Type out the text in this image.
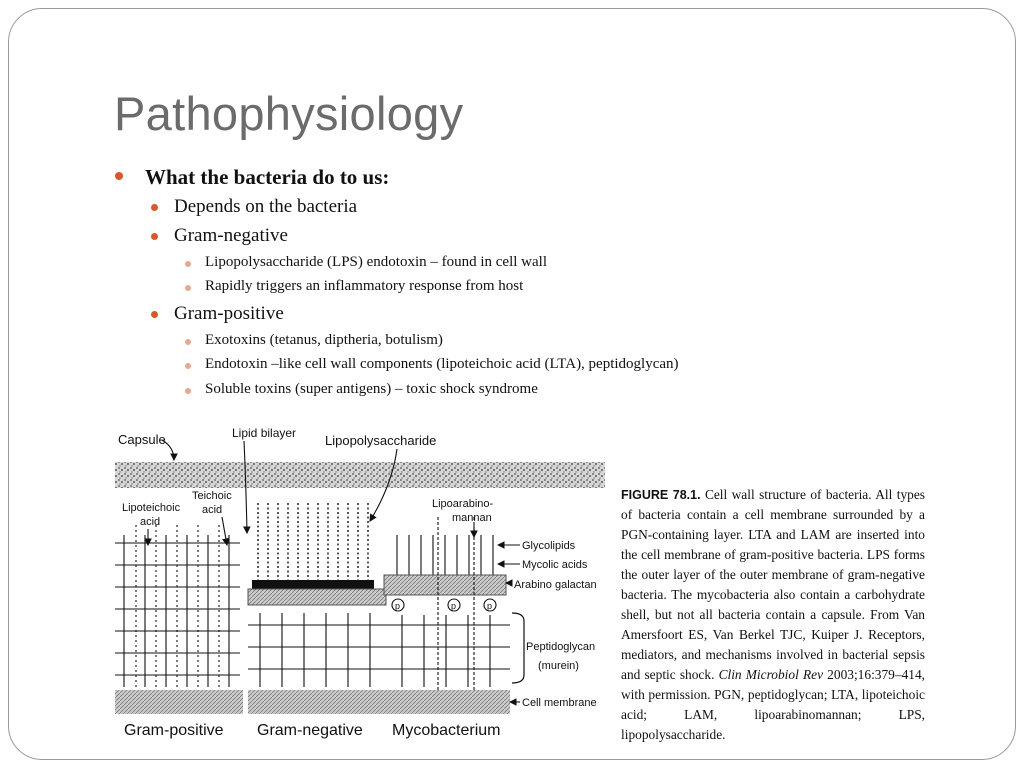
Pathophysiology
What the bacteria do to us:
Depends on the bacteria
Gram-negative
Lipopolysaccharide (LPS) endotoxin – found in cell wall
Rapidly triggers an inflammatory response from host
Gram-positive
Exotoxins (tetanus, diptheria, botulism)
Endotoxin –like cell wall components (lipoteichoic acid (LTA), peptidoglycan)
Soluble toxins (super antigens) – toxic shock syndrome
p	p	p
Capsule	Lipid bilayer Lipopolysaccharide
Lipoteichoic
acid
Teichoic
acid	Lipoarabino-
mannan
Glycolipids
Mycolic acids
Arabino galactan
Peptidoglycan
(murein)
Cell membrane
Gram-positive Gram-negative Mycobacterium
FIGURE 78.1. Cell wall structure of bacteria. All types of bacteria contain a cell membrane surrounded by a PGN-containing layer. LTA and LAM are inserted into the cell membrane of gram-positive bacteria. LPS forms the outer layer of the outer membrane of gram-negative bacteria. The mycobacteria also contain a carbohydrate shell, but not all bacteria contain a capsule. From Van Amersfoort ES, Van Berkel TJC, Kuiper J. Receptors, mediators, and mechanisms involved in bacterial sepsis and septic shock. Clin Microbiol Rev 2003;16:379–414, with permission. PGN, peptidoglycan; LTA, lipoteichoic acid; LAM, lipoarabinomannan; LPS, lipopolysaccharide.
